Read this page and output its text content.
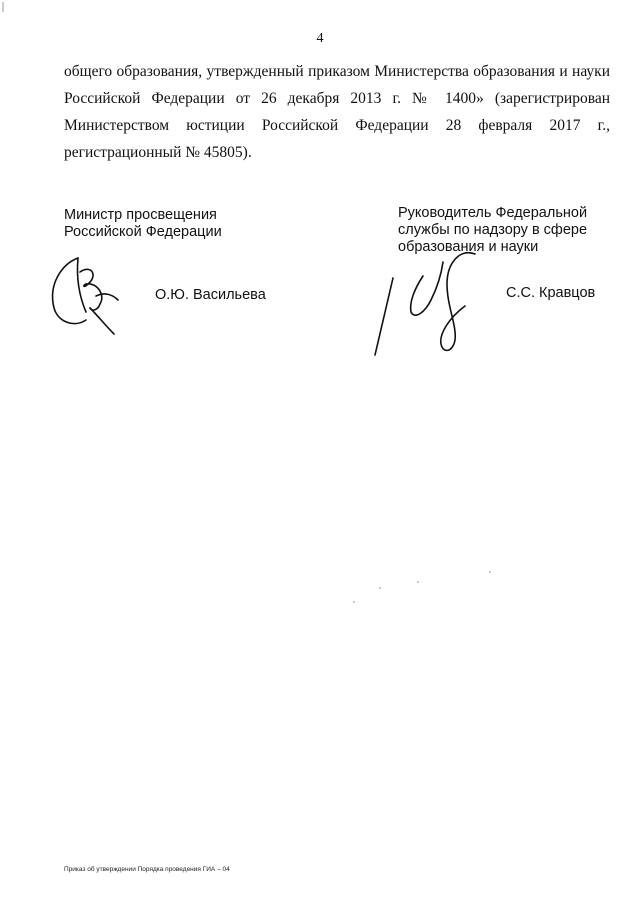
4
общего образования, утвержденный приказом Министерства образования и науки
Российской Федерации от 26 декабря 2013 г. № 1400» (зарегистрирован
Министерством юстиции Российской Федерации 28 февраля 2017 г.,
регистрационный № 45805).
Министр просвещения
Российской Федерации
О.Ю. Васильева
Руководитель Федеральной
службы по надзору в сфере
образования и науки
С.С. Кравцов
Приказ об утверждении Порядка проведения ГИА – 04
